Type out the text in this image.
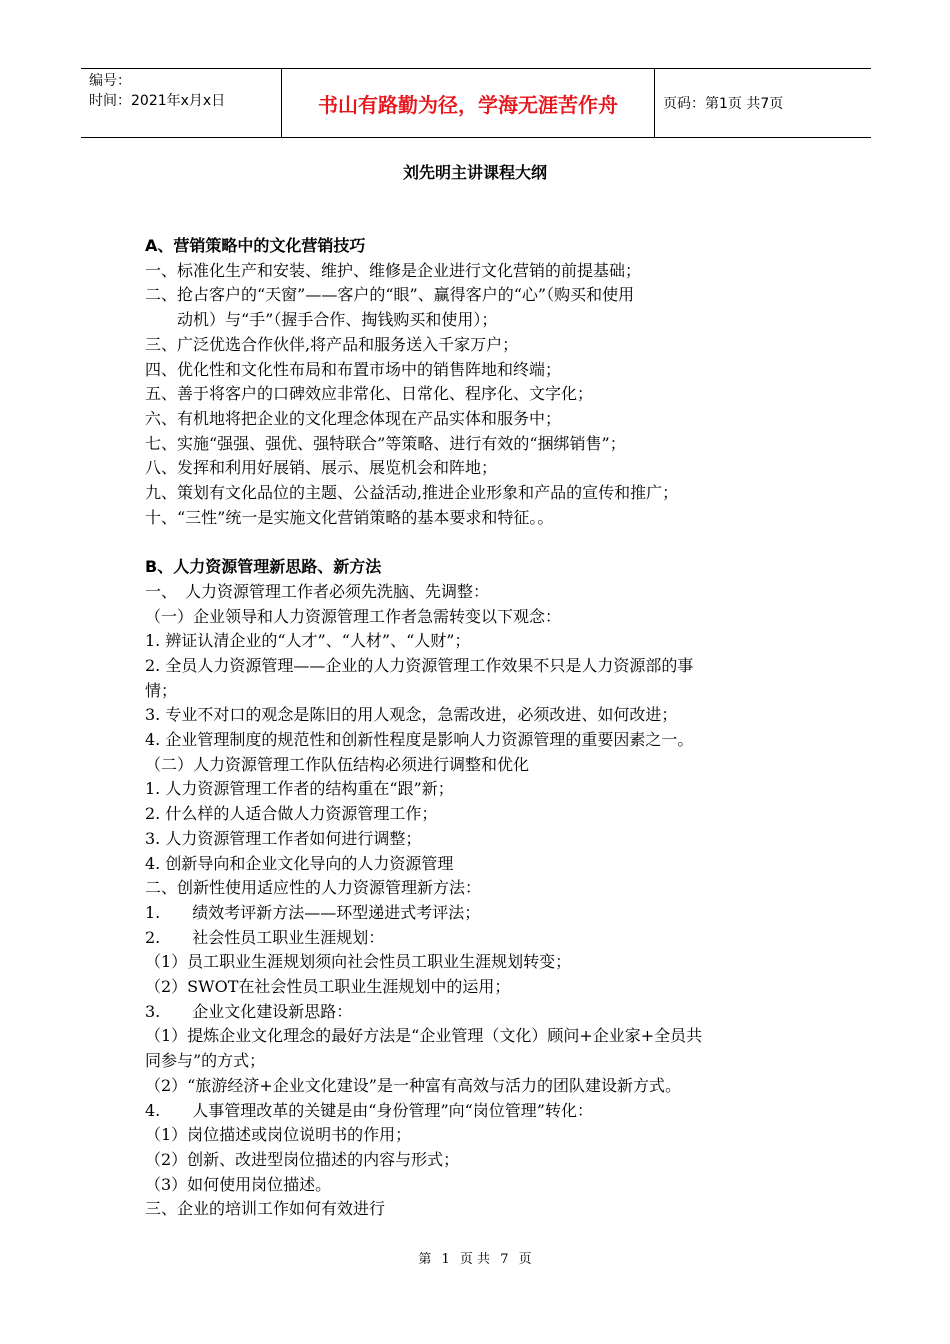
编号：
时间：2021年x月x日	书山有路勤为径，学海无涯苦作舟	页码：第1页 共7页
刘先明主讲课程大纲
A、营销策略中的文化营销技巧
一、标准化生产和安装、维护、维修是企业进行文化营销的前提基础；
二、抢占客户的“天窗”——客户的“眼”、赢得客户的“心”（购买和使用
　　动机）与“手”（握手合作、掏钱购买和使用）；
三、广泛优选合作伙伴,将产品和服务送入千家万户；
四、优化性和文化性布局和布置市场中的销售阵地和终端；
五、善于将客户的口碑效应非常化、日常化、程序化、文字化；
六、有机地将把企业的文化理念体现在产品实体和服务中；
七、实施“强强、强优、强特联合”等策略、进行有效的“捆绑销售”；
八、发挥和利用好展销、展示、展览机会和阵地；
九、策划有文化品位的主题、公益活动,推进企业形象和产品的宣传和推广；
十、“三性”统一是实施文化营销策略的基本要求和特征。。
B、人力资源管理新思路、新方法
一、　人力资源管理工作者必须先洗脑、先调整：
（一）企业领导和人力资源管理工作者急需转变以下观念：
1. 辨证认清企业的“人才”、“人材”、“人财”；
2. 全员人力资源管理——企业的人力资源管理工作效果不只是人力资源部的事
情；
3. 专业不对口的观念是陈旧的用人观念，急需改进，必须改进、如何改进；
4. 企业管理制度的规范性和创新性程度是影响人力资源管理的重要因素之一。
（二）人力资源管理工作队伍结构必须进行调整和优化
1. 人力资源管理工作者的结构重在“跟”新；
2. 什么样的人适合做人力资源管理工作；
3. 人力资源管理工作者如何进行调整；
4. 创新导向和企业文化导向的人力资源管理
二、创新性使用适应性的人力资源管理新方法：
1.　　绩效考评新方法——环型递进式考评法；
2.　　社会性员工职业生涯规划：
（1）员工职业生涯规划须向社会性员工职业生涯规划转变；
（2）SWOT在社会性员工职业生涯规划中的运用；
3.　　企业文化建设新思路：
（1）提炼企业文化理念的最好方法是“企业管理（文化）顾问+企业家+全员共
同参与”的方式；
（2）“旅游经济+企业文化建设”是一种富有高效与活力的团队建设新方式。
4.　　人事管理改革的关键是由“身份管理”向“岗位管理”转化：
（1）岗位描述或岗位说明书的作用；
（2）创新、改进型岗位描述的内容与形式；
（3）如何使用岗位描述。
三、企业的培训工作如何有效进行
第 1 页 共 7 页
